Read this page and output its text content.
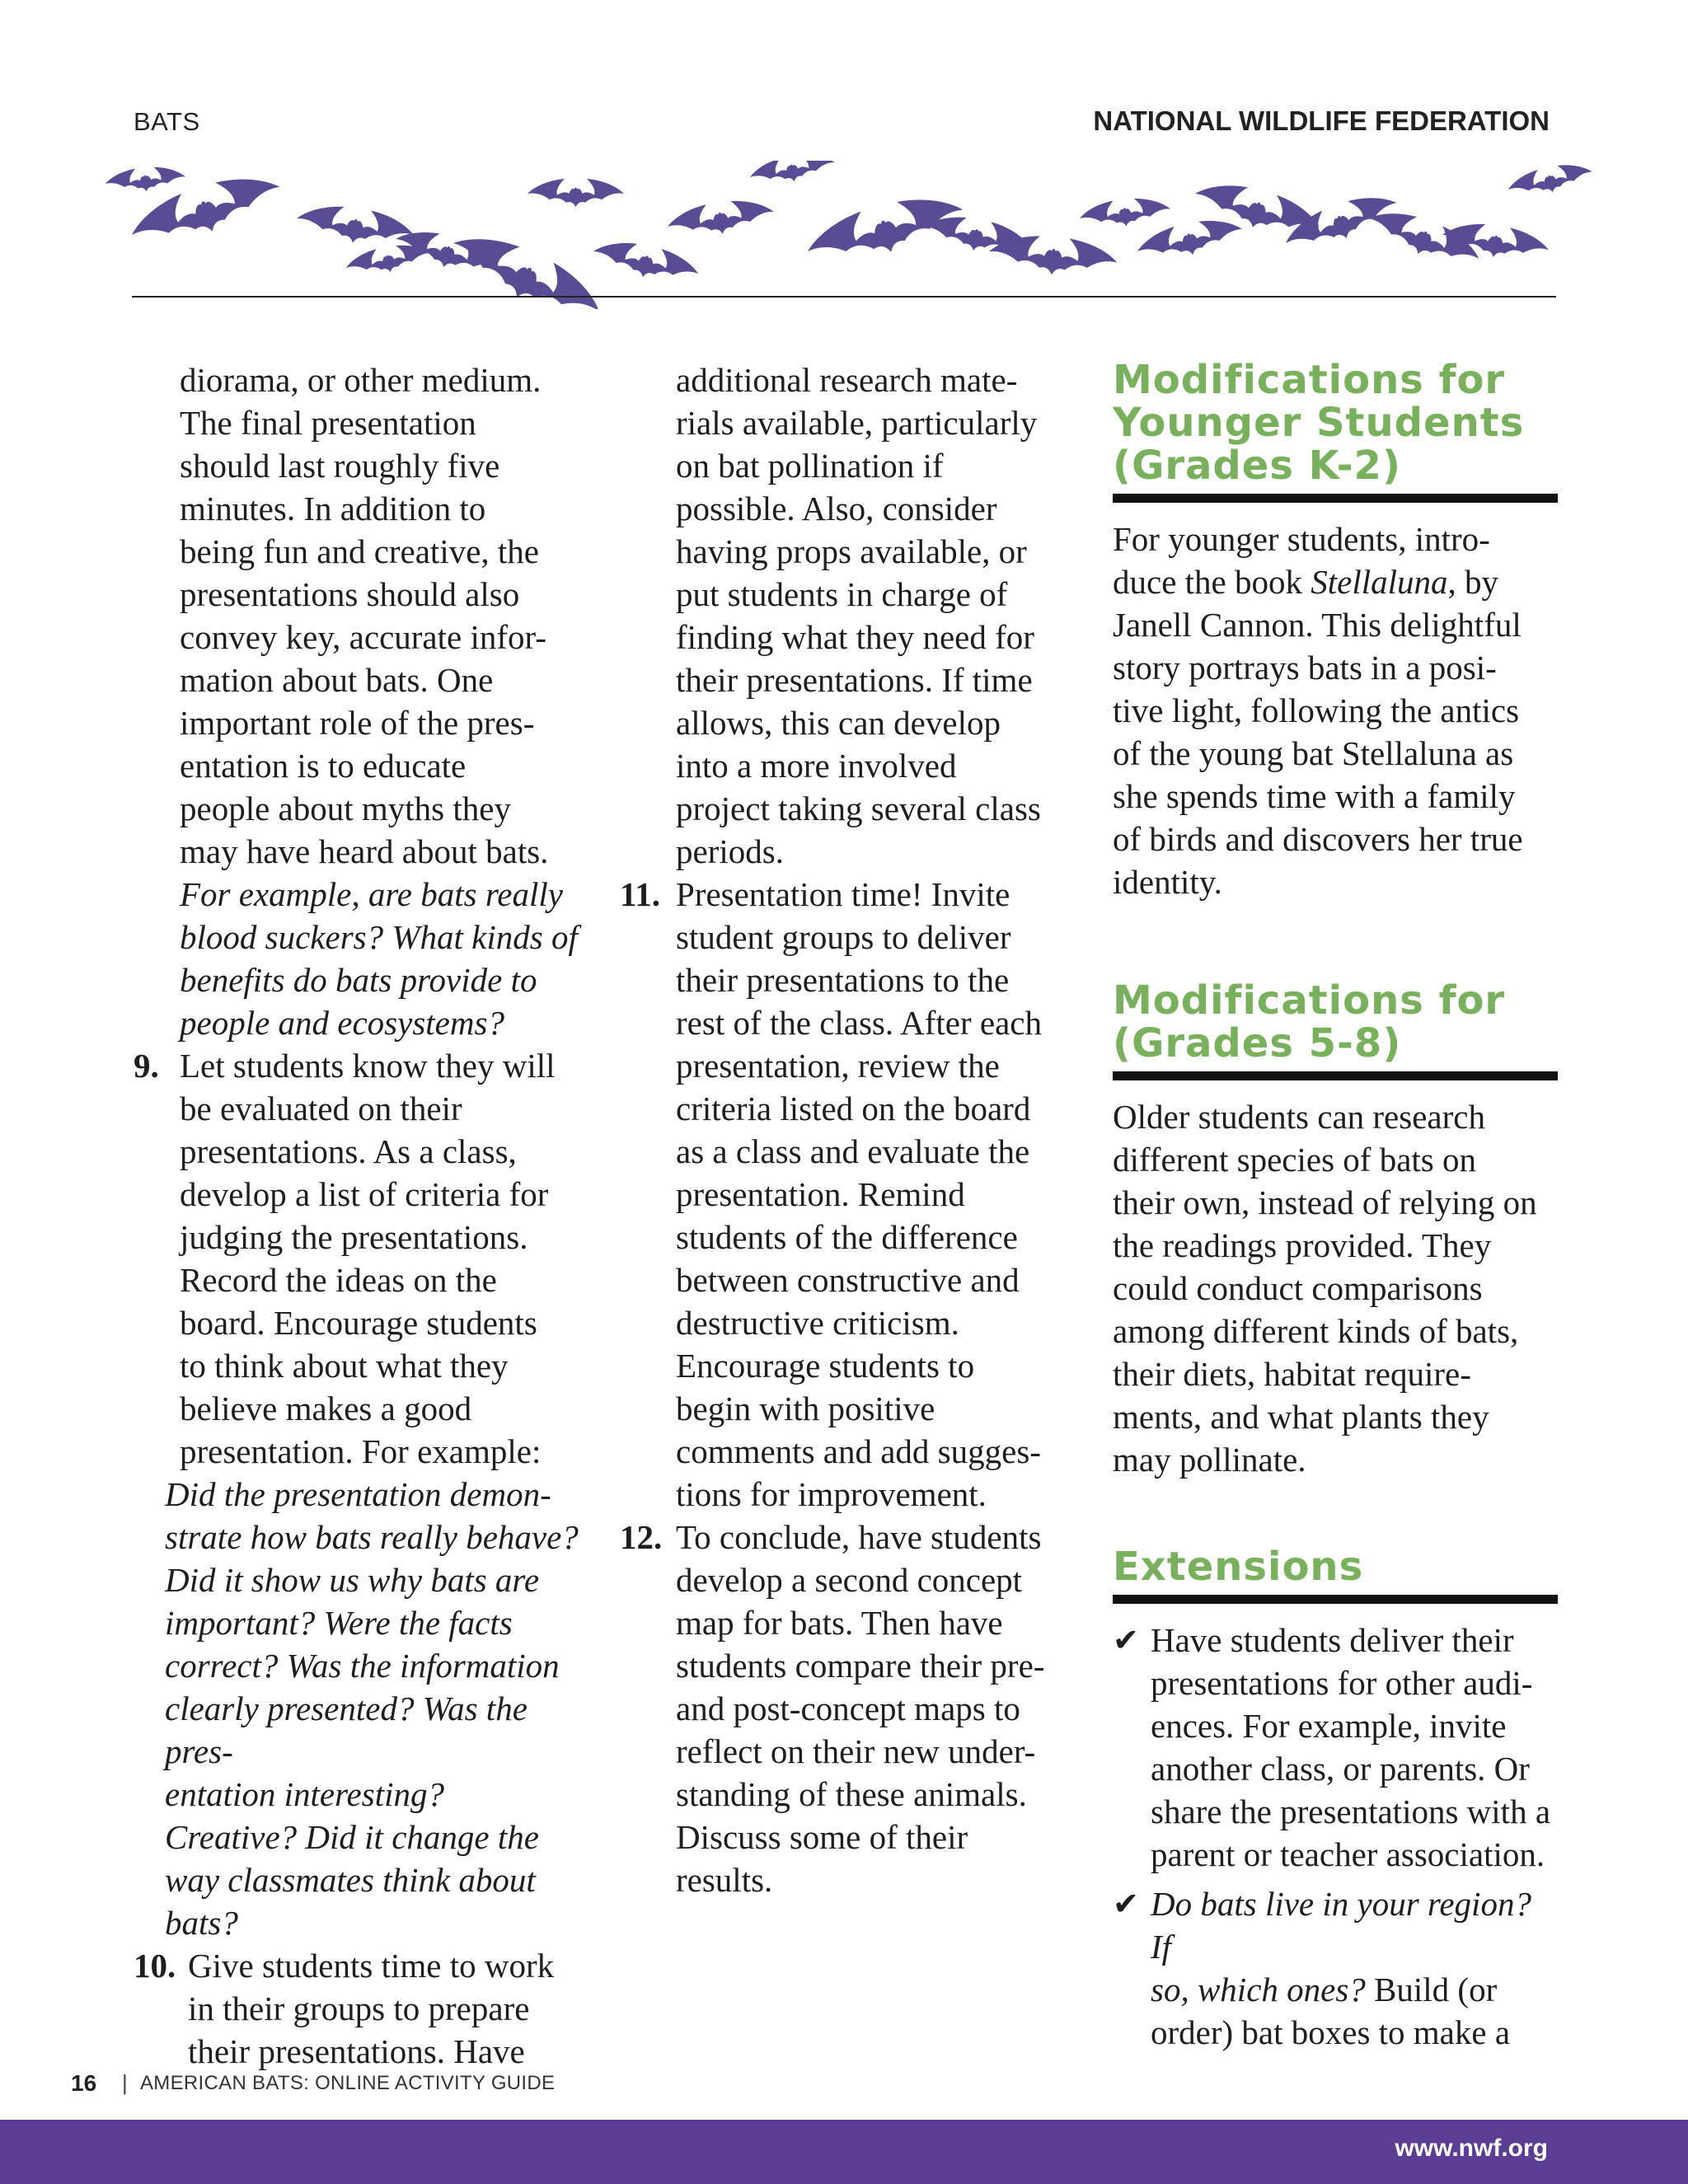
BATS	NATIONAL WILDLIFE FEDERATION
diorama, or other medium.
The final presentation
should last roughly five
minutes. In addition to
being fun and creative, the
presentations should also
convey key, accurate infor-
mation about bats. One
important role of the pres-
entation is to educate
people about myths they
may have heard about bats.
For example, are bats really
blood suckers? What kinds of
benefits do bats provide to
people and ecosystems?
9. Let students know they will
be evaluated on their
presentations. As a class,
develop a list of criteria for
judging the presentations.
Record the ideas on the
board. Encourage students
to think about what they
believe makes a good
presentation. For example:
Did the presentation demon-
strate how bats really behave?
Did it show us why bats are
important? Were the facts
correct? Was the information
clearly presented? Was the pres-
entation interesting?
Creative? Did it change the
way classmates think about
bats?
10. Give students time to work
in their groups to prepare
their presentations. Have
additional research mate-
rials available, particularly
on bat pollination if
possible. Also, consider
having props available, or
put students in charge of
finding what they need for
their presentations. If time
allows, this can develop
into a more involved
project taking several class
periods.
11. Presentation time! Invite
student groups to deliver
their presentations to the
rest of the class. After each
presentation, review the
criteria listed on the board
as a class and evaluate the
presentation. Remind
students of the difference
between constructive and
destructive criticism.
Encourage students to
begin with positive
comments and add sugges-
tions for improvement.
12. To conclude, have students
develop a second concept
map for bats. Then have
students compare their pre-
and post-concept maps to
reflect on their new under-
standing of these animals.
Discuss some of their
results.
Modifications for
Younger Students
(Grades K-2)
For younger students, intro-
duce the book Stellaluna, by
Janell Cannon. This delightful
story portrays bats in a posi-
tive light, following the antics
of the young bat Stellaluna as
she spends time with a family
of birds and discovers her true
identity.
Modifications for
(Grades 5-8)
Older students can research
different species of bats on
their own, instead of relying on
the readings provided. They
could conduct comparisons
among different kinds of bats,
their diets, habitat require-
ments, and what plants they
may pollinate.
Extensions
✔ Have students deliver their
presentations for other audi-
ences. For example, invite
another class, or parents. Or
share the presentations with a
parent or teacher association.
✔ Do bats live in your region? If
so, which ones? Build (or
order) bat boxes to make a
16 | AMERICAN BATS: ONLINE ACTIVITY GUIDE
www.nwf.org
